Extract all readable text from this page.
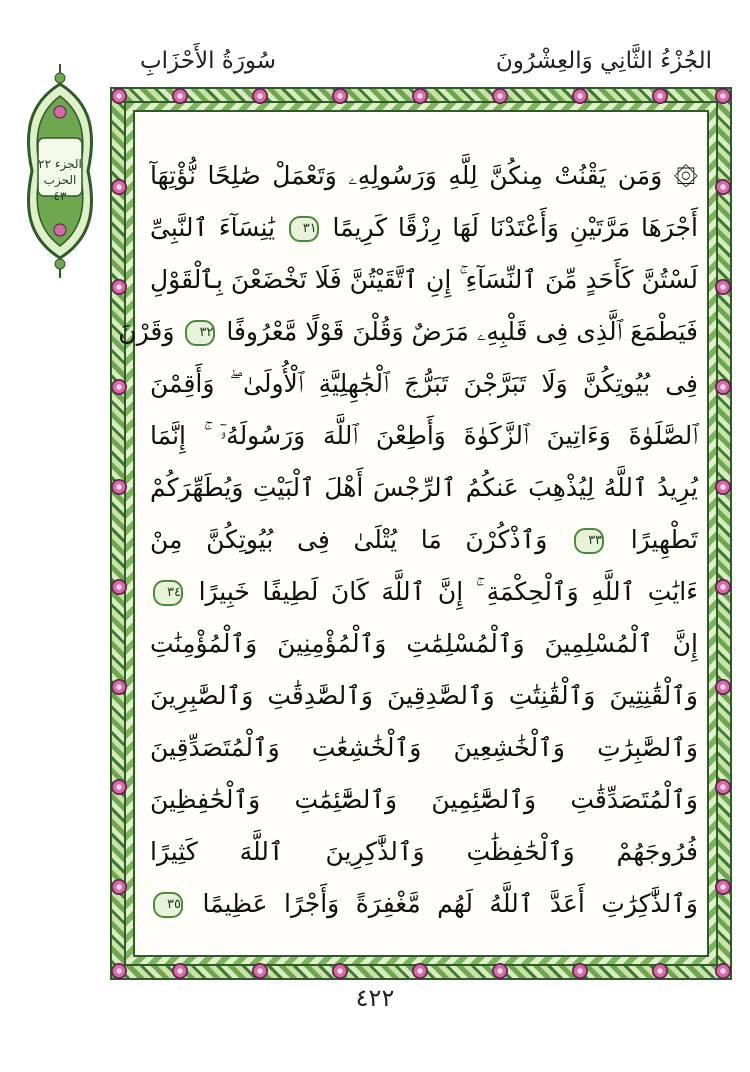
الجُزْءُ الثَّانِي وَالعِشْرُونَ
سُورَةُ الأَحْزَابِ
الجزء ٢٢
الحزب ٤٣
۞ وَمَن يَقْنُتْ مِنكُنَّ لِلَّهِ وَرَسُولِهِۦ وَتَعْمَلْ صَٰلِحًا نُّؤْتِهَآ
أَجْرَهَا مَرَّتَيْنِ وَأَعْتَدْنَا لَهَا رِزْقًا كَرِيمًا ٣١ يَٰنِسَآءَ ٱلنَّبِىِّ
لَسْتُنَّ كَأَحَدٍ مِّنَ ٱلنِّسَآءِ ۚ إِنِ ٱتَّقَيْتُنَّ فَلَا تَخْضَعْنَ بِٱلْقَوْلِ
فَيَطْمَعَ ٱلَّذِى فِى قَلْبِهِۦ مَرَضٌ وَقُلْنَ قَوْلًا مَّعْرُوفًا ٣٢ وَقَرْنَ
فِى بُيُوتِكُنَّ وَلَا تَبَرَّجْنَ تَبَرُّجَ ٱلْجَٰهِلِيَّةِ ٱلْأُولَىٰ ۖ وَأَقِمْنَ
ٱلصَّلَوٰةَ وَءَاتِينَ ٱلزَّكَوٰةَ وَأَطِعْنَ ٱللَّهَ وَرَسُولَهُۥٓ ۚ إِنَّمَا
يُرِيدُ ٱللَّهُ لِيُذْهِبَ عَنكُمُ ٱلرِّجْسَ أَهْلَ ٱلْبَيْتِ وَيُطَهِّرَكُمْ
تَطْهِيرًا ٣٣ وَٱذْكُرْنَ مَا يُتْلَىٰ فِى بُيُوتِكُنَّ مِنْ
ءَايَٰتِ ٱللَّهِ وَٱلْحِكْمَةِ ۚ إِنَّ ٱللَّهَ كَانَ لَطِيفًا خَبِيرًا ٣٤
إِنَّ ٱلْمُسْلِمِينَ وَٱلْمُسْلِمَٰتِ وَٱلْمُؤْمِنِينَ وَٱلْمُؤْمِنَٰتِ
وَٱلْقَٰنِتِينَ وَٱلْقَٰنِتَٰتِ وَٱلصَّٰدِقِينَ وَٱلصَّٰدِقَٰتِ وَٱلصَّٰبِرِينَ
وَٱلصَّٰبِرَٰتِ وَٱلْخَٰشِعِينَ وَٱلْخَٰشِعَٰتِ وَٱلْمُتَصَدِّقِينَ
وَٱلْمُتَصَدِّقَٰتِ وَٱلصَّٰٓئِمِينَ وَٱلصَّٰٓئِمَٰتِ وَٱلْحَٰفِظِينَ
فُرُوجَهُمْ وَٱلْحَٰفِظَٰتِ وَٱلذَّٰكِرِينَ ٱللَّهَ كَثِيرًا
وَٱلذَّٰكِرَٰتِ أَعَدَّ ٱللَّهُ لَهُم مَّغْفِرَةً وَأَجْرًا عَظِيمًا ٣٥
٤٢٢
